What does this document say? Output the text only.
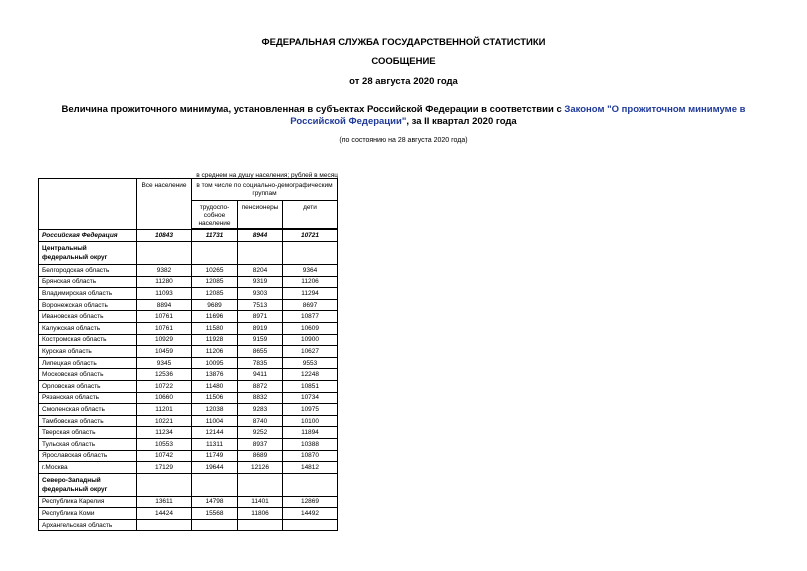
ФЕДЕРАЛЬНАЯ СЛУЖБА ГОСУДАРСТВЕННОЙ СТАТИСТИКИ
СООБЩЕНИЕ
от 28 августа 2020 года
Величина прожиточного минимума, установленная в субъектах Российской Федерации в соответствии с Законом "О прожиточном минимуме в Российской Федерации", за II квартал 2020 года
(по состоянию на 28 августа 2020 года)
в среднем на душу населения; рублей в месяц
	Все население	в том числе по социально-демографическим группам		
		трудоспо-собное население	пенсионеры	дети

Российская Федерация	10843	11731	8944	10721
Центральный федеральный округ				
Белгородская область	9382	10265	8204	9364
Брянская область	11280	12085	9319	11206
Владимирская область	11093	12085	9303	11294
Воронежская область	8894	9689	7513	8697
Ивановская область	10761	11696	8971	10877
Калужская область	10761	11580	8919	10609
Костромская область	10929	11928	9159	10900
Курская область	10459	11206	8655	10627
Липецкая область	9345	10095	7835	9553
Московская область	12536	13876	9411	12248
Орловская область	10722	11480	8872	10851
Рязанская область	10660	11506	8832	10734
Смоленская область	11201	12038	9283	10975
Тамбовская область	10221	11004	8740	10100
Тверская область	11234	12144	9252	11894
Тульская область	10553	11311	8937	10388
Ярославская область	10742	11749	8689	10870
г.Москва	17129	19644	12126	14812
Северо-Западный федеральный округ				
Республика Карелия	13611	14798	11401	12869
Республика Коми	14424	15568	11806	14492
Архангельская область				
